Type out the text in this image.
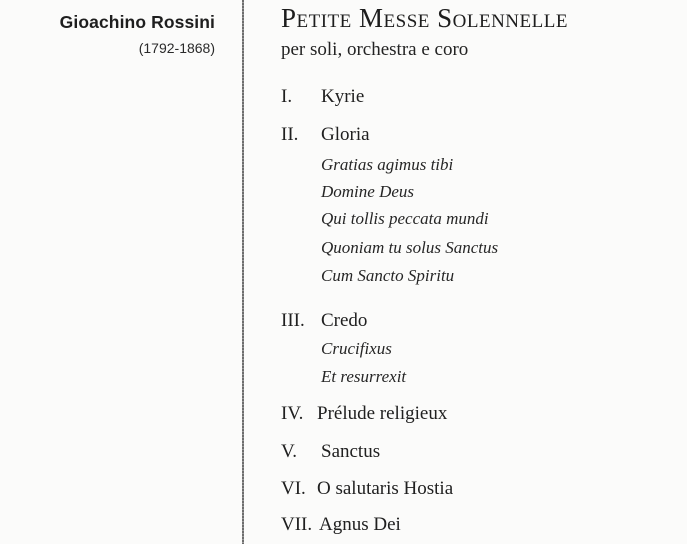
Gioachino Rossini
(1792-1868)
Petite Messe Solennelle
per soli, orchestra e coro
I. Kyrie
II. Gloria
Gratias agimus tibi
Domine Deus
Qui tollis peccata mundi
Quoniam tu solus Sanctus
Cum Sancto Spiritu
III. Credo
Crucifixus
Et resurrexit
IV. Prélude religieux
V. Sanctus
VI. O salutaris Hostia
VII. Agnus Dei
